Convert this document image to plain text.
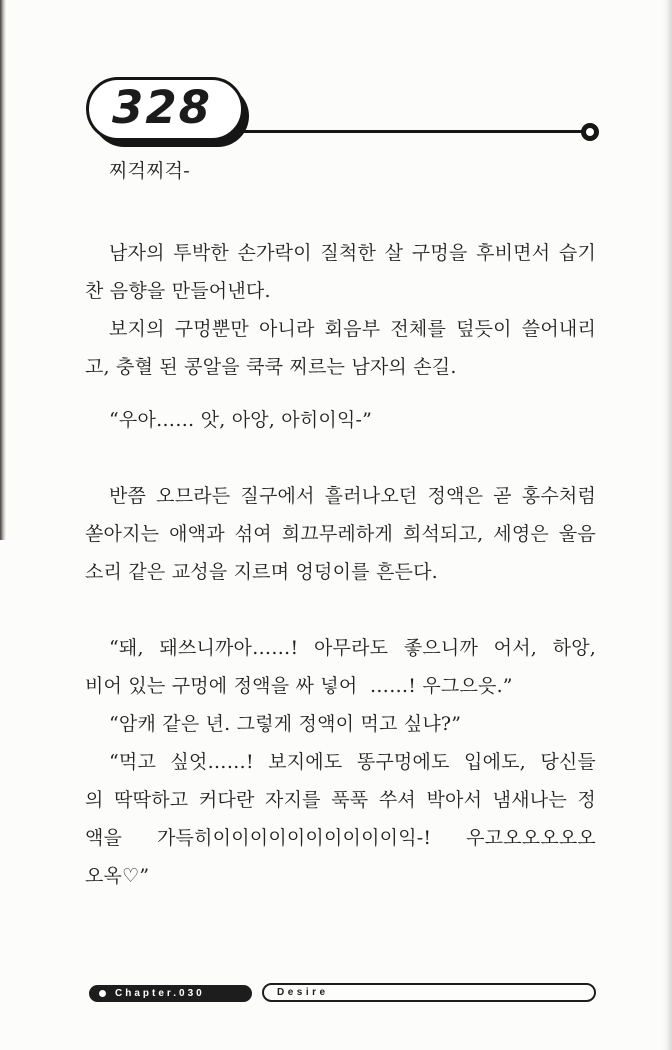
328
찌걱찌걱-
남자의 투박한 손가락이 질척한 살 구멍을 후비면서 습기
찬 음향을 만들어낸다.
보지의 구멍뿐만 아니라 회음부 전체를 덮듯이 쓸어내리
고, 충혈 된 콩알을 쿡쿡 찌르는 남자의 손길.
“우아…… 앗, 아앙, 아히이익-”
반쯤 오므라든 질구에서 흘러나오던 정액은 곧 홍수처럼
쏟아지는 애액과 섞여 희끄무레하게 희석되고, 세영은 울음
소리 같은 교성을 지르며 엉덩이를 흔든다.
“돼, 돼쓰니까아……! 아무라도 좋으니까 어서, 하앙,
비어 있는 구멍에 정액을 싸 넣어  ……! 우그으읏.”
“암캐 같은 년. 그렇게 정액이 먹고 싶냐?”
“먹고 싶엇……! 보지에도 똥구멍에도 입에도, 당신들
의 딱딱하고 커다란 자지를 푹푹 쑤셔 박아서 냄새나는 정
액을 가득히이이이이이이이이이이익-! 우고오오오오오
오옥♡”
Chapter.030	Desire
